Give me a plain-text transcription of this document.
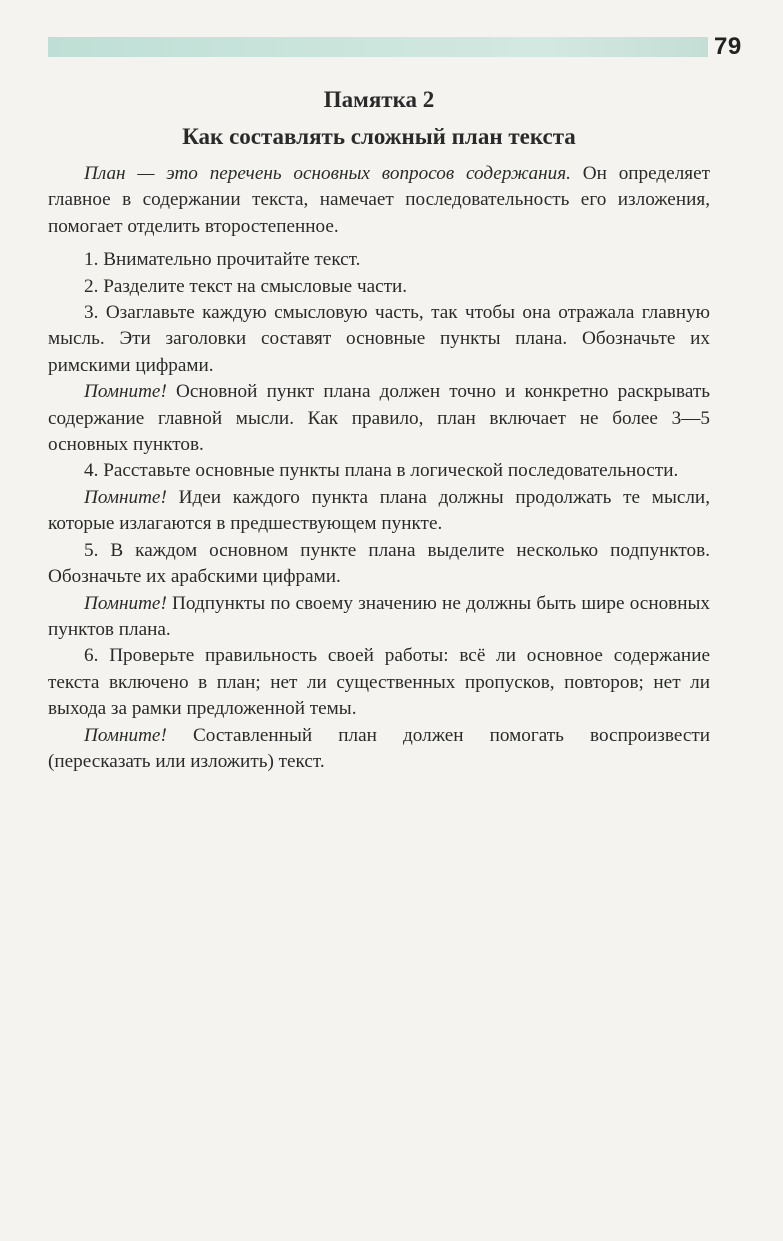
79
Памятка 2
Как составлять сложный план текста

План — это перечень основных вопросов содержания. Он определяет главное в содержании текста, намечает последовательность его изложения, помогает отделить второстепенное.

1. Внимательно прочитайте текст.

2. Разделите текст на смысловые части.

3. Озаглавьте каждую смысловую часть, так чтобы она отражала главную мысль. Эти заголовки составят основные пункты плана. Обозначьте их римскими цифрами.

Помните! Основной пункт плана должен точно и конкретно раскрывать содержание главной мысли. Как правило, план включает не более 3—5 основных пунктов.

4. Расставьте основные пункты плана в логической последовательности.

Помните! Идеи каждого пункта плана должны продолжать те мысли, которые излагаются в предшествующем пункте.

5. В каждом основном пункте плана выделите несколько подпунктов. Обозначьте их арабскими цифрами.

Помните! Подпункты по своему значению не должны быть шире основных пунктов плана.

6. Проверьте правильность своей работы: всё ли основное содержание текста включено в план; нет ли существенных пропусков, повторов; нет ли выхода за рамки предложенной темы.

Помните! Составленный план должен помогать воспроизвести (пересказать или изложить) текст.
